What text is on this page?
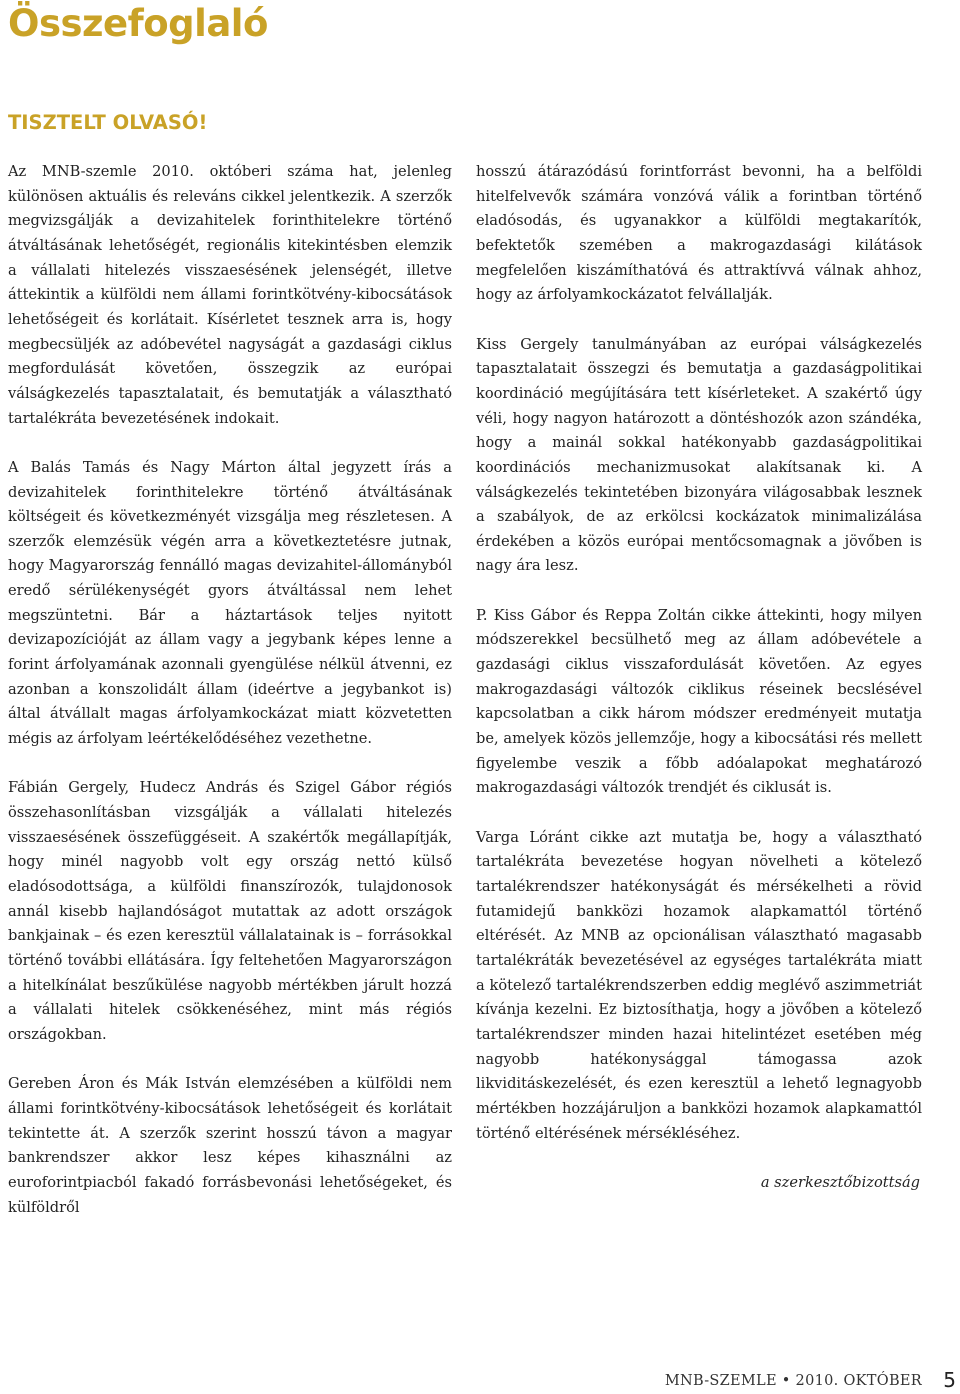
Összefoglaló
TISZTELT OLVASÓ!

Az MNB-szemle 2010. októberi száma hat, jelenleg különösen aktuális és releváns cikkel jelentkezik. A szerzők megvizsgálják a devizahitelek forinthitelekre történő átváltásának lehetőségét, regionális kitekintésben elemzik a vállalati hitelezés visszaesésének jelenségét, illetve áttekintik a külföldi nem állami forintkötvény-kibocsátások lehetőségeit és korlátait. Kísérletet tesznek arra is, hogy megbecsüljék az adóbevétel nagyságát a gazdasági ciklus megfordulását követően, összegzik az európai válságkezelés tapasztalatait, és bemutatják a választható tartalékráta bevezetésének indokait.

A Balás Tamás és Nagy Márton által jegyzett írás a devizahitelek forinthitelekre történő átváltásának költségeit és következményét vizsgálja meg részletesen. A szerzők elemzésük végén arra a következtetésre jutnak, hogy Magyarország fennálló magas devizahitel-állományból eredő sérülékenységét gyors átváltással nem lehet megszüntetni. Bár a háztartások teljes nyitott devizapozícióját az állam vagy a jegybank képes lenne a forint árfolyamának azonnali gyengülése nélkül átvenni, ez azonban a konszolidált állam (ideértve a jegybankot is) által átvállalt magas árfolyamkockázat miatt közvetetten mégis az árfolyam leértékelődéséhez vezethetne.

Fábián Gergely, Hudecz András és Szigel Gábor régiós összehasonlításban vizsgálják a vállalati hitelezés visszaesésének összefüggéseit. A szakértők megállapítják, hogy minél nagyobb volt egy ország nettó külső eladósodottsága, a külföldi finanszírozók, tulajdonosok annál kisebb hajlandóságot mutattak az adott országok bankjainak – és ezen keresztül vállalatainak is – forrásokkal történő további ellátására. Így feltehetően Magyarországon a hitelkínálat beszűkülése nagyobb mértékben járult hozzá a vállalati hitelek csökkenéséhez, mint más régiós országokban.

Gereben Áron és Mák István elemzésében a külföldi nem állami forintkötvény-kibocsátások lehetőségeit és korlátait tekintette át. A szerzők szerint hosszú távon a magyar bankrendszer akkor lesz képes kihasználni az euroforintpiacból fakadó forrásbevonási lehetőségeket, és külföldről

hosszú átárazódású forintforrást bevonni, ha a belföldi hitelfelvevők számára vonzóvá válik a forintban történő eladósodás, és ugyanakkor a külföldi megtakarítók, befektetők szemében a makrogazdasági kilátások megfelelően kiszámíthatóvá és attraktívvá válnak ahhoz, hogy az árfolyamkockázatot felvállalják.

Kiss Gergely tanulmányában az európai válságkezelés tapasztalatait összegzi és bemutatja a gazdaságpolitikai koordináció megújítására tett kísérleteket. A szakértő úgy véli, hogy nagyon határozott a döntéshozók azon szándéka, hogy a mainál sokkal hatékonyabb gazdaságpolitikai koordinációs mechanizmusokat alakítsanak ki. A válságkezelés tekintetében bizonyára világosabbak lesznek a szabályok, de az erkölcsi kockázatok minimalizálása érdekében a közös európai mentőcsomagnak a jövőben is nagy ára lesz.

P. Kiss Gábor és Reppa Zoltán cikke áttekinti, hogy milyen módszerekkel becsülhető meg az állam adóbevétele a gazdasági ciklus visszafordulását követően. Az egyes makrogazdasági változók ciklikus réseinek becslésével kapcsolatban a cikk három módszer eredményeit mutatja be, amelyek közös jellemzője, hogy a kibocsátási rés mellett figyelembe veszik a főbb adóalapokat meghatározó makrogazdasági változók trendjét és ciklusát is.

Varga Lóránt cikke azt mutatja be, hogy a választható tartalékráta bevezetése hogyan növelheti a kötelező tartalékrendszer hatékonyságát és mérsékelheti a rövid futamidejű bankközi hozamok alapkamattól történő eltérését. Az MNB az opcionálisan választható magasabb tartalékráták bevezetésével az egységes tartalékráta miatt a kötelező tartalékrendszerben eddig meglévő aszimmetriát kívánja kezelni. Ez biztosíthatja, hogy a jövőben a kötelező tartalékrendszer minden hazai hitelintézet esetében még nagyobb hatékonysággal támogassa azok likviditáskezelését, és ezen keresztül a lehető legnagyobb mértékben hozzájáruljon a bankközi hozamok alapkamattól történő eltérésének mérsékléséhez.

a szerkesztőbizottság

MNB-SZEMLE • 2010. OKTÓBER 5
